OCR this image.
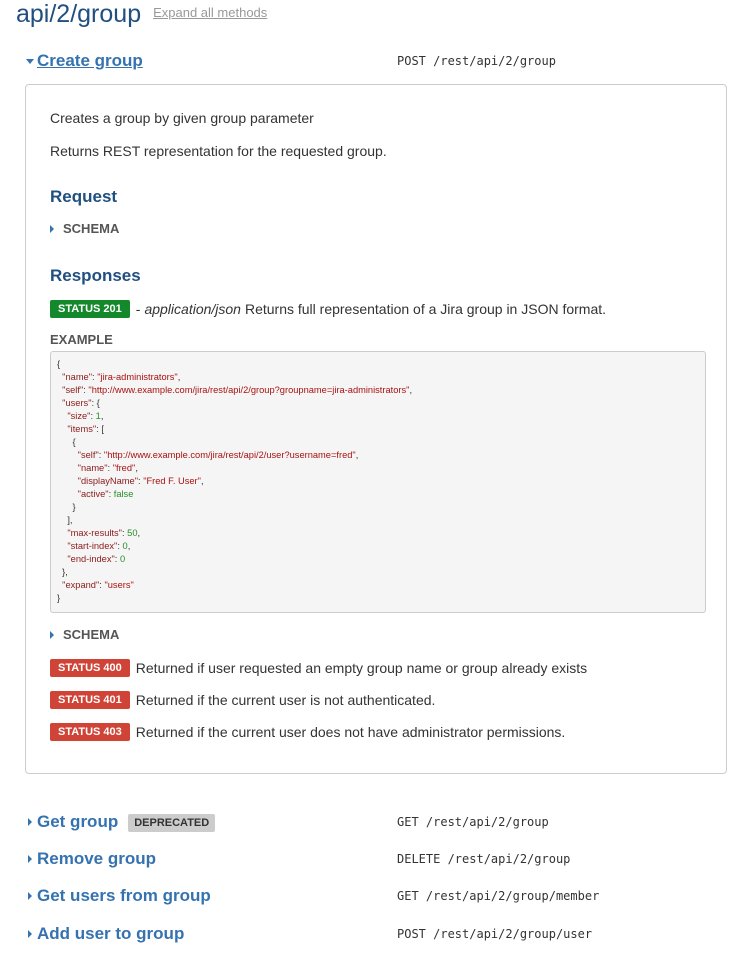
api/2/group Expand all methods
Create group	POST /rest/api/2/group
Creates a group by given group parameter
Returns REST representation for the requested group.
Request
SCHEMA
Responses
STATUS 201	- application/json Returns full representation of a Jira group in JSON format.
EXAMPLE
{
"name": "jira-administrators",
"self": "http://www.example.com/jira/rest/api/2/group?groupname=jira-administrators",
"users": {
"size": 1,
"items": [
{
"self": "http://www.example.com/jira/rest/api/2/user?username=fred",
"name": "fred",
"displayName": "Fred F. User",
"active": false
}
],
"max-results": 50,
"start-index": 0,
"end-index": 0
},
"expand": "users"
}
SCHEMA
STATUS 400	Returned if user requested an empty group name or group already exists
STATUS 401	Returned if the current user is not authenticated.
STATUS 403	Returned if the current user does not have administrator permissions.
Get group DEPRECATED	GET /rest/api/2/group
Remove group	DELETE /rest/api/2/group
Get users from group	GET /rest/api/2/group/member
Add user to group	POST /rest/api/2/group/user
